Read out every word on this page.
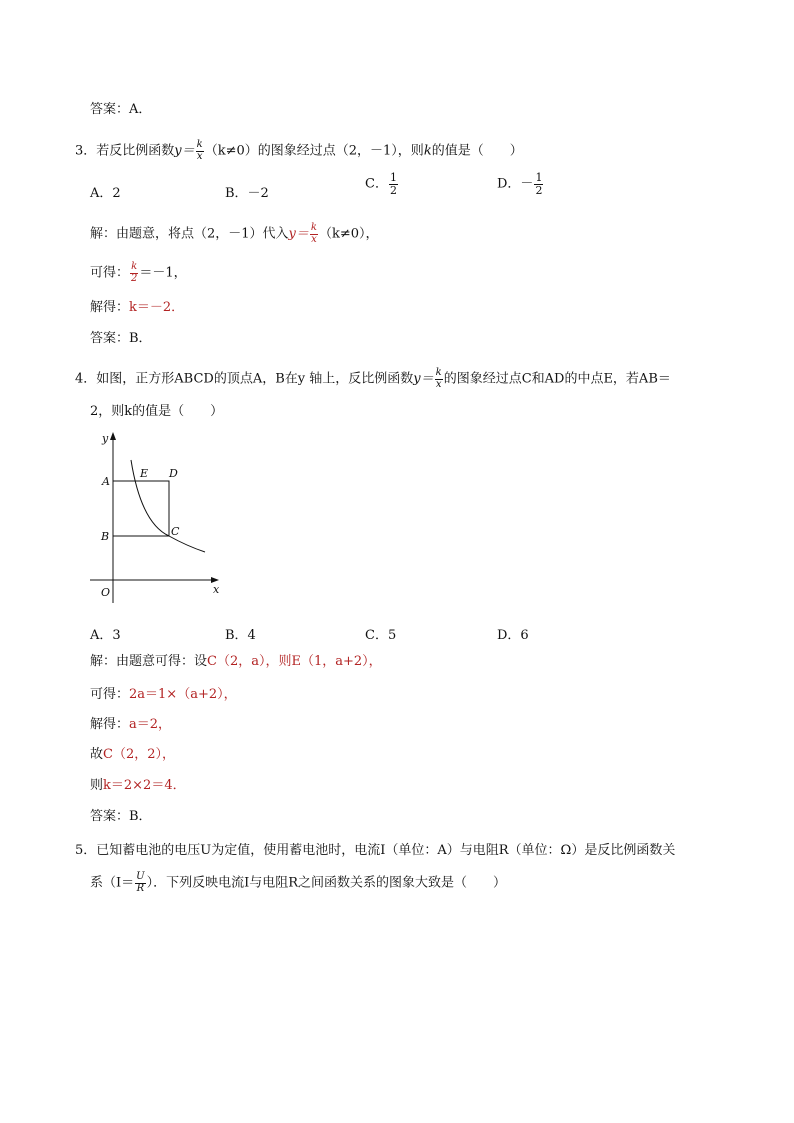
答案：A．
3．若反比例函数$y= \frac{k}{x} (k\ne 0)$的图象经过点（2，－1），则k的值是（　　）
A．2	B．－2
C． $\frac{1}{2}$	D．－ $\frac{1}{2}$
解：由题意，将点（2，－1）代入$y= \frac{k}{x} (k\ne 0)$，
可得： $\frac{k}{2} =-1$，
解得：k＝－2．
答案：B．
4．如图，正方形ABCD的顶点A，B在y 轴上，反比例函数$y= \frac{k}{x}$ 的图象经过点C和AD的中点E，若AB＝
2，则k的值是（　　）
y
x
O
A
B	C
D
E
A．3	B．4	C．5	D．6
解：由题意可得：设C（2，a），则E（1，a+2），
可得：2a＝1×（a+2），
解得：a＝2，
故C（2，2），
则k＝2×2＝4．
答案：B．
5．已知蓄电池的电压U为定值，使用蓄电池时，电流I（单位：A）与电阻R（单位：Ω）是反比例函数关
系（$I= \frac{U}{R}$ ）．下列反映电流I与电阻R之间函数关系的图象大致是（　　）
